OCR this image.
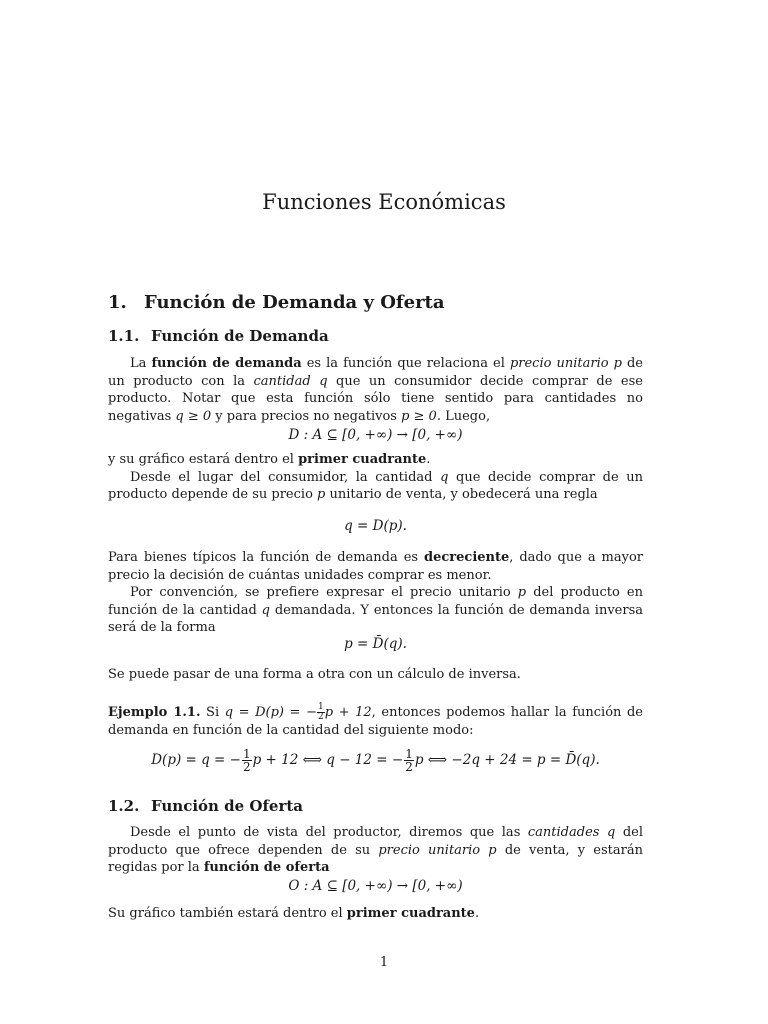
Funciones Económicas
1. Función de Demanda y Oferta
1.1. Función de Demanda

La función de demanda es la función que relaciona el precio unitario p de un producto con la cantidad q que un consumidor decide comprar de ese producto. Notar que esta función sólo tiene sentido para cantidades no negativas q ≥ 0 y para precios no negativos p ≥ 0. Luego,

D : A ⊆ [0, +∞) → [0, +∞)

y su gráfico estará dentro el primer cuadrante.

Desde el lugar del consumidor, la cantidad q que decide comprar de un producto depende de su precio p unitario de venta, y obedecerá una regla

q = D(p).

Para bienes típicos la función de demanda es decreciente, dado que a mayor precio la decisión de cuántas unidades comprar es menor.

Por convención, se prefiere expresar el precio unitario p del producto en función de la cantidad q demandada. Y entonces la función de demanda inversa será de la forma

p = D̄(q).
Se puede pasar de una forma a otra con un cálculo de inversa.

Ejemplo 1.1. Si q = D(p) = − $\frac{1}{2}$ p + 12, entonces podemos hallar la función de demanda en función de la cantidad del siguiente modo:

D(p) = q = − $\frac{1}{2}$ p + 12 ⟺ q − 12 = − $\frac{1}{2}$ p ⟺ −2q + 24 = p = D̄(q).
1.2. Función de Oferta

Desde el punto de vista del productor, diremos que las cantidades q del producto que ofrece dependen de su precio unitario p de venta, y estarán regidas por la función de oferta

O : A ⊆ [0, +∞) → [0, +∞)

Su gráfico también estará dentro el primer cuadrante.

1
